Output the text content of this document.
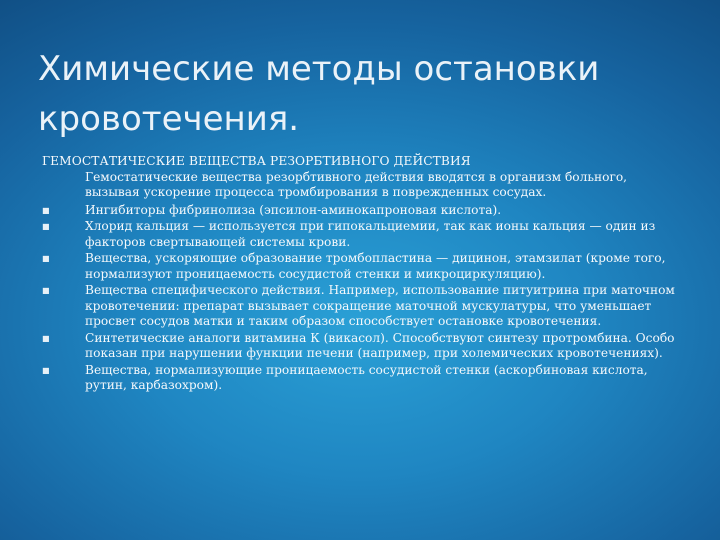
Химические методы остановки кровотечения.
ГЕМОСТАТИЧЕСКИЕ ВЕЩЕСТВА РЕЗОРБТИВНОГО ДЕЙСТВИЯ
Гемостатические вещества резорбтивного действия вводятся в организм больного, вызывая ускорение процесса тромбирования в поврежденных сосудах.
■	Ингибиторы фибринолиза (эпсилон-аминокапроновая кислота).
■	Хлорид кальция — используется при гипокальциемии, так как ионы кальция — один из факторов свертывающей системы крови.
■	Вещества, ускоряющие образование тромбопластина — дицинон, этамзилат (кроме того, нормализуют проницаемость сосудистой стенки и микроциркуляцию).
■	Вещества специфического действия. Например, использование питуитрина при маточном кровотечении: препарат вызывает сокращение маточной мускулатуры, что уменьшает просвет сосудов матки и таким образом способствует остановке кровотечения.
■	Синтетические аналоги витамина К (викасол). Способствуют синтезу протромбина. Особо показан при нарушении функции печени (например, при холемических кровотечениях).
■	Вещества, нормализующие проницаемость сосудистой стенки (аскорбиновая кислота, рутин, карбазохром).
